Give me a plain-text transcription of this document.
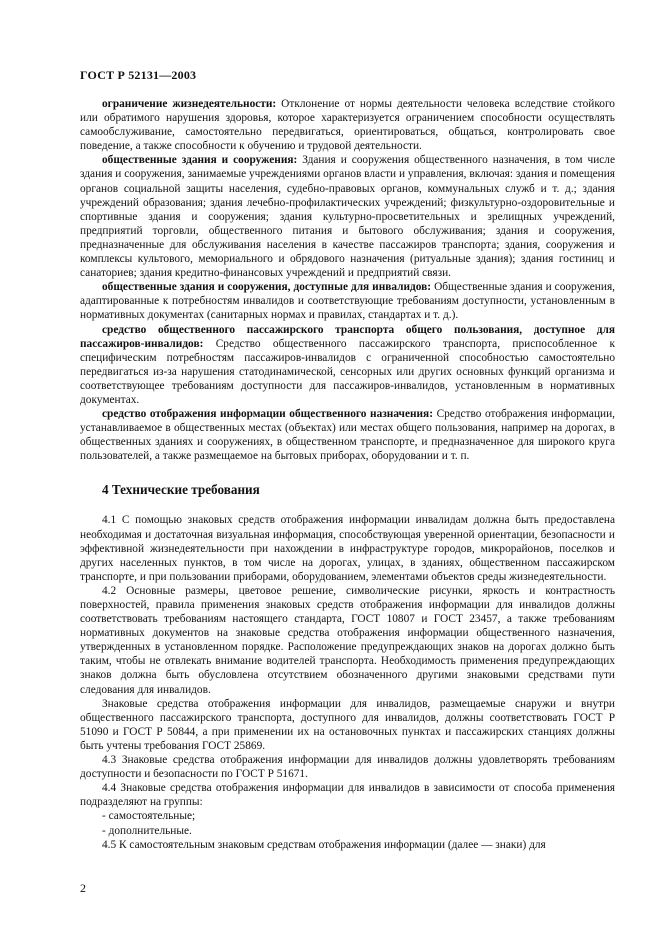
ГОСТ Р 52131—2003

ограничение жизнедеятельности: Отклонение от нормы деятельности человека вследствие стойкого или обратимого нарушения здоровья, которое характеризуется ограничением способности осуществлять самообслуживание, самостоятельно передвигаться, ориентироваться, общаться, контролировать свое поведение, а также способности к обучению и трудовой деятельности.

общественные здания и сооружения: Здания и сооружения общественного назначения, в том числе здания и сооружения, занимаемые учреждениями органов власти и управления, включая: здания и помещения органов социальной защиты населения, судебно-правовых органов, коммунальных служб и т. д.; здания учреждений образования; здания лечебно-профилактических учреждений; физкультурно-оздоровительные и спортивные здания и сооружения; здания культурно-просветительных и зрелищных учреждений, предприятий торговли, общественного питания и бытового обслуживания; здания и сооружения, предназначенные для обслуживания населения в качестве пассажиров транспорта; здания, сооружения и комплексы культового, мемориального и обрядового назначения (ритуальные здания); здания гостиниц и санаториев; здания кредитно-финансовых учреждений и предприятий связи.

общественные здания и сооружения, доступные для инвалидов: Общественные здания и сооружения, адаптированные к потребностям инвалидов и соответствующие требованиям доступности, установленным в нормативных документах (санитарных нормах и правилах, стандартах и т. д.).

средство общественного пассажирского транспорта общего пользования, доступное для пассажиров-инвалидов: Средство общественного пассажирского транспорта, приспособленное к специфическим потребностям пассажиров-инвалидов с ограниченной способностью самостоятельно передвигаться из-за нарушения статодинамической, сенсорных или других основных функций организма и соответствующее требованиям доступности для пассажиров-инвалидов, установленным в нормативных документах.

средство отображения информации общественного назначения: Средство отображения информации, устанавливаемое в общественных местах (объектах) или местах общего пользования, например на дорогах, в общественных зданиях и сооружениях, в общественном транспорте, и предназначенное для широкого круга пользователей, а также размещаемое на бытовых приборах, оборудовании и т. п.

4 Технические требования

4.1 С помощью знаковых средств отображения информации инвалидам должна быть предоставлена необходимая и достаточная визуальная информация, способствующая уверенной ориентации, безопасности и эффективной жизнедеятельности при нахождении в инфраструктуре городов, микрорайонов, поселков и других населенных пунктов, в том числе на дорогах, улицах, в зданиях, общественном пассажирском транспорте, и при пользовании приборами, оборудованием, элементами объектов среды жизнедеятельности.

4.2 Основные размеры, цветовое решение, символические рисунки, яркость и контрастность поверхностей, правила применения знаковых средств отображения информации для инвалидов должны соответствовать требованиям настоящего стандарта, ГОСТ 10807 и ГОСТ 23457, а также требованиям нормативных документов на знаковые средства отображения информации общественного назначения, утвержденных в установленном порядке. Расположение предупреждающих знаков на дорогах должно быть таким, чтобы не отвлекать внимание водителей транспорта. Необходимость применения предупреждающих знаков должна быть обусловлена отсутствием обозначенного другими знаковыми средствами пути следования для инвалидов.

Знаковые средства отображения информации для инвалидов, размещаемые снаружи и внутри общественного пассажирского транспорта, доступного для инвалидов, должны соответствовать ГОСТ Р 51090 и ГОСТ Р 50844, а при применении их на остановочных пунктах и пассажирских станциях должны быть учтены требования ГОСТ 25869.

4.3 Знаковые средства отображения информации для инвалидов должны удовлетворять требованиям доступности и безопасности по ГОСТ Р 51671.

4.4 Знаковые средства отображения информации для инвалидов в зависимости от способа применения подразделяют на группы:

- самостоятельные;
- дополнительные.

4.5 К самостоятельным знаковым средствам отображения информации (далее — знаки) для

2
